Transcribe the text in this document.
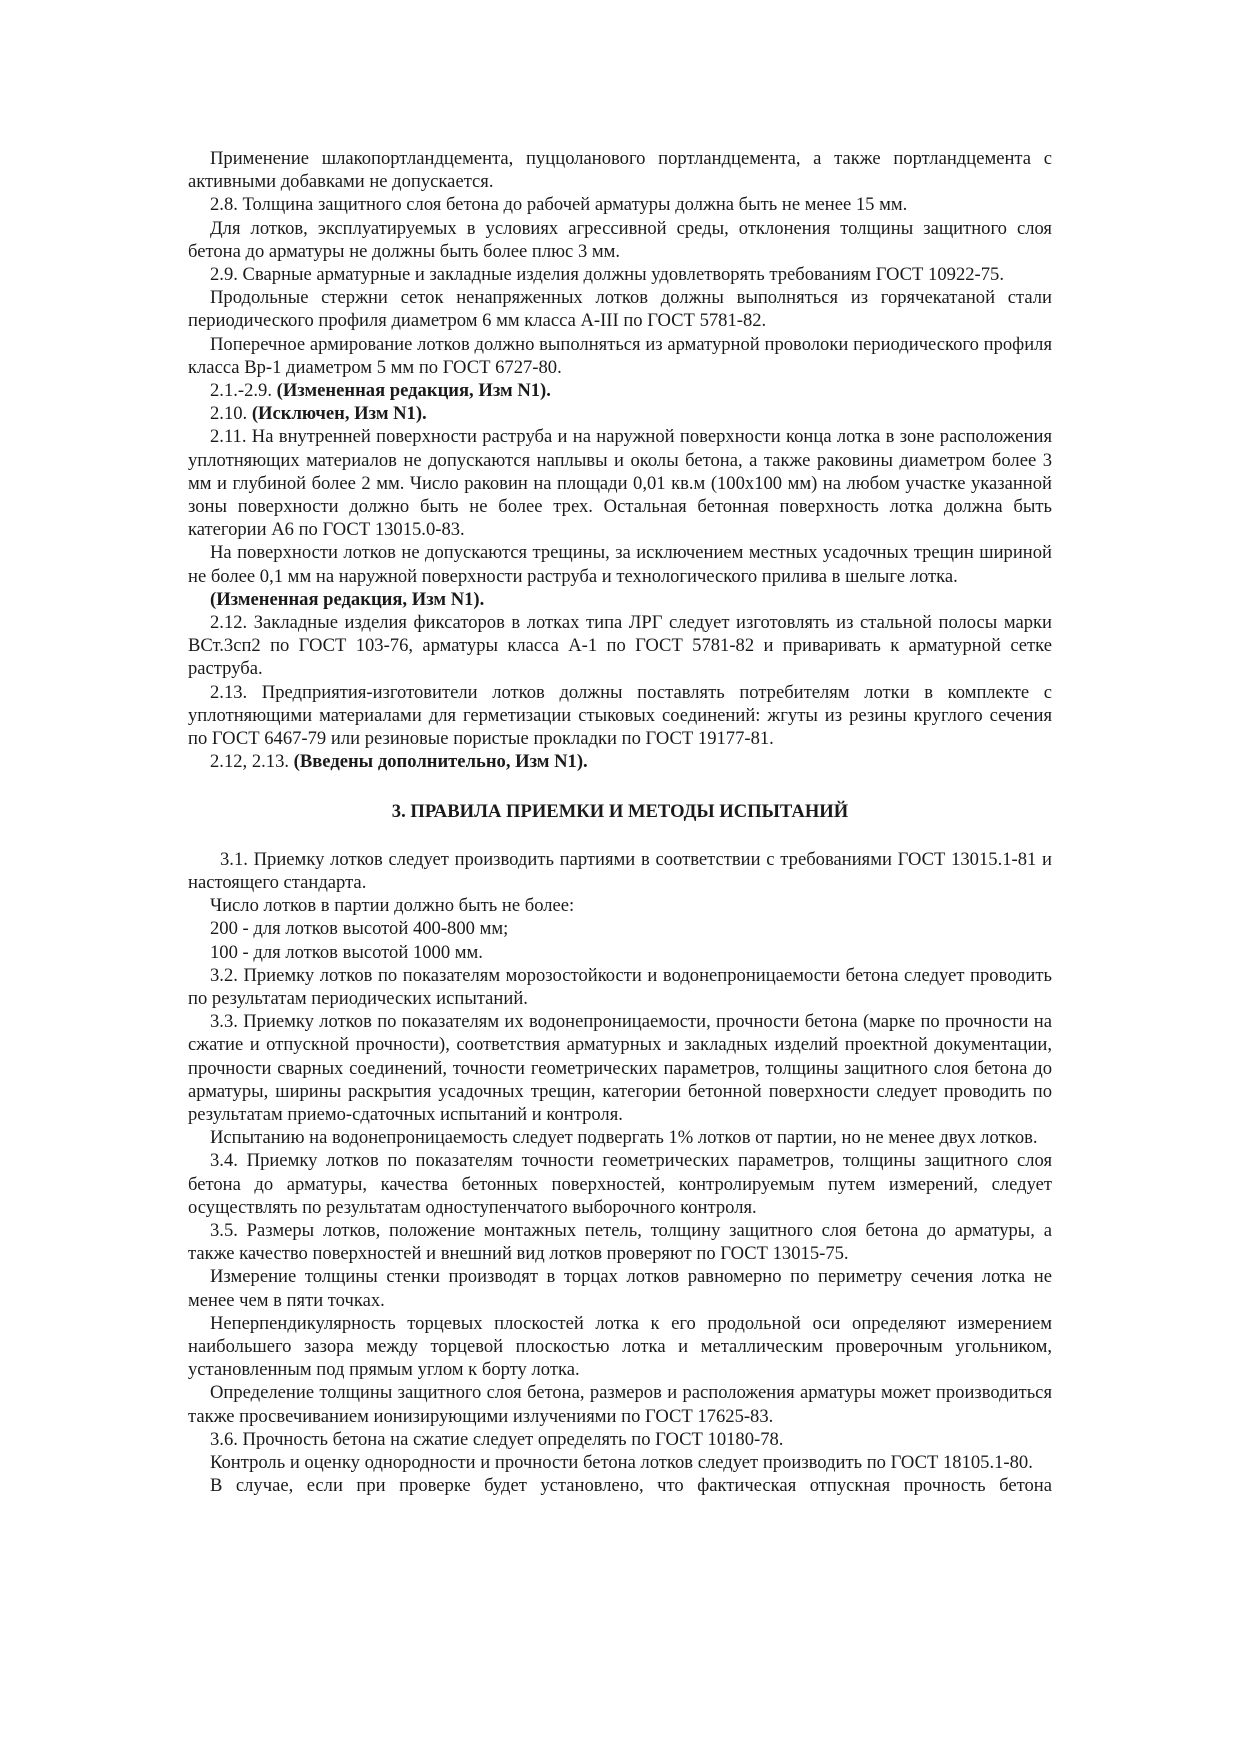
Применение шлакопортландцемента, пуццоланового портландцемента, а также портландцемента с активными добавками не допускается.

2.8. Толщина защитного слоя бетона до рабочей арматуры должна быть не менее 15 мм.

Для лотков, эксплуатируемых в условиях агрессивной среды, отклонения толщины защитного слоя бетона до арматуры не должны быть более плюс 3 мм.

2.9. Сварные арматурные и закладные изделия должны удовлетворять требованиям ГОСТ 10922-75.

Продольные стержни сеток ненапряженных лотков должны выполняться из горячекатаной стали периодического профиля диаметром 6 мм класса А-III по ГОСТ 5781-82.

Поперечное армирование лотков должно выполняться из арматурной проволоки периодического профиля класса Вр-1 диаметром 5 мм по ГОСТ 6727-80.

2.1.-2.9. (Измененная редакция, Изм N1).

2.10. (Исключен, Изм N1).

2.11. На внутренней поверхности раструба и на наружной поверхности конца лотка в зоне расположения уплотняющих материалов не допускаются наплывы и околы бетона, а также раковины диаметром более 3 мм и глубиной более 2 мм. Число раковин на площади 0,01 кв.м (100х100 мм) на любом участке указанной зоны поверхности должно быть не более трех. Остальная бетонная поверхность лотка должна быть категории А6 по ГОСТ 13015.0-83.

На поверхности лотков не допускаются трещины, за исключением местных усадочных трещин шириной не более 0,1 мм на наружной поверхности раструба и технологического прилива в шелыге лотка.

(Измененная редакция, Изм N1).

2.12. Закладные изделия фиксаторов в лотках типа ЛРГ следует изготовлять из стальной полосы марки ВСт.3сп2 по ГОСТ 103-76, арматуры класса А-1 по ГОСТ 5781-82 и приваривать к арматурной сетке раструба.

2.13. Предприятия-изготовители лотков должны поставлять потребителям лотки в комплекте с уплотняющими материалами для герметизации стыковых соединений: жгуты из резины круглого сечения по ГОСТ 6467-79 или резиновые пористые прокладки по ГОСТ 19177-81.

2.12, 2.13. (Введены дополнительно, Изм N1).

3. ПРАВИЛА ПРИЕМКИ И МЕТОДЫ ИСПЫТАНИЙ

3.1. Приемку лотков следует производить партиями в соответствии с требованиями ГОСТ 13015.1-81 и настоящего стандарта.

Число лотков в партии должно быть не более:

200 - для лотков высотой 400-800 мм;

100 - для лотков высотой 1000 мм.

3.2. Приемку лотков по показателям морозостойкости и водонепроницаемости бетона следует проводить по результатам периодических испытаний.

3.3. Приемку лотков по показателям их водонепроницаемости, прочности бетона (марке по прочности на сжатие и отпускной прочности), соответствия арматурных и закладных изделий проектной документации, прочности сварных соединений, точности геометрических параметров, толщины защитного слоя бетона до арматуры, ширины раскрытия усадочных трещин, категории бетонной поверхности следует проводить по результатам приемо-сдаточных испытаний и контроля.

Испытанию на водонепроницаемость следует подвергать 1% лотков от партии, но не менее двух лотков.

3.4. Приемку лотков по показателям точности геометрических параметров, толщины защитного слоя бетона до арматуры, качества бетонных поверхностей, контролируемым путем измерений, следует осуществлять по результатам одноступенчатого выборочного контроля.

3.5. Размеры лотков, положение монтажных петель, толщину защитного слоя бетона до арматуры, а также качество поверхностей и внешний вид лотков проверяют по ГОСТ 13015-75.

Измерение толщины стенки производят в торцах лотков равномерно по периметру сечения лотка не менее чем в пяти точках.

Неперпендикулярность торцевых плоскостей лотка к его продольной оси определяют измерением наибольшего зазора между торцевой плоскостью лотка и металлическим проверочным угольником, установленным под прямым углом к борту лотка.

Определение толщины защитного слоя бетона, размеров и расположения арматуры может производиться также просвечиванием ионизирующими излучениями по ГОСТ 17625-83.

3.6. Прочность бетона на сжатие следует определять по ГОСТ 10180-78.

Контроль и оценку однородности и прочности бетона лотков следует производить по ГОСТ 18105.1-80.

В случае, если при проверке будет установлено, что фактическая отпускная прочность бетона
